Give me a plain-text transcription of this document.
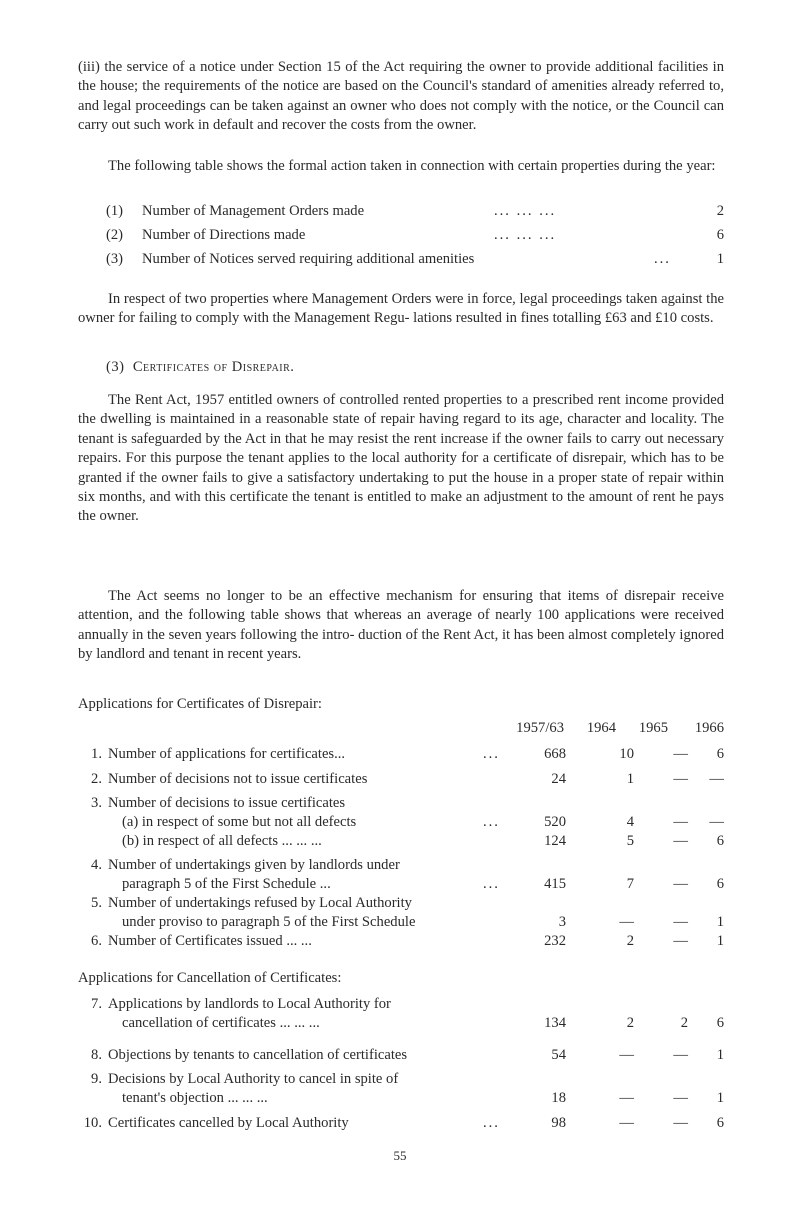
(iii) the service of a notice under Section 15 of the Act requiring the owner to provide additional facilities in the house; the requirements of the notice are based on the Council's standard of amenities already referred to, and legal proceedings can be taken against an owner who does not comply with the notice, or the Council can carry out such work in default and recover the costs from the owner.

The following table shows the formal action taken in connection with certain properties during the year:

(1) Number of Management Orders made	... ... ...	2
(2) Number of Directions made	... ... ...	6
(3) Number of Notices served requiring additional amenities	...	1

In respect of two properties where Management Orders were in force, legal proceedings taken against the owner for failing to comply with the Management Regu- lations resulted in fines totalling £63 and £10 costs.

(3) Certificates of Disrepair.

The Rent Act, 1957 entitled owners of controlled rented properties to a prescribed rent income provided the dwelling is maintained in a reasonable state of repair having regard to its age, character and locality. The tenant is safeguarded by the Act in that he may resist the rent increase if the owner fails to carry out necessary repairs. For this purpose the tenant applies to the local authority for a certificate of disrepair, which has to be granted if the owner fails to give a satisfactory undertaking to put the house in a proper state of repair within six months, and with this certificate the tenant is entitled to make an adjustment to the amount of rent he pays the owner.

The Act seems no longer to be an effective mechanism for ensuring that items of disrepair receive attention, and the following table shows that whereas an average of nearly 100 applications were received annually in the seven years following the intro- duction of the Rent Act, it has been almost completely ignored by landlord and tenant in recent years.

Applications for Certificates of Disrepair:
1957/63	1964	1965	1966
1. Number of applications for certificates...	...	668	10	—	6
2. Number of decisions not to issue certificates	24	1	—	—
3. Number of decisions to issue certificates
(a) in respect of some but not all defects	...	520	4	—	—
(b) in respect of all defects ... ... ...	124	5	—	6
4. Number of undertakings given by landlords under
paragraph 5 of the First Schedule ...	...	415	7	—	6
5. Number of undertakings refused by Local Authority
under proviso to paragraph 5 of the First Schedule	3	—	—	1
6. Number of Certificates issued ... ...	232	2	—	1
Applications for Cancellation of Certificates:
7. Applications by landlords to Local Authority for
cancellation of certificates ... ... ...	134	2	2	6
8. Objections by tenants to cancellation of certificates	54	—	—	1
9. Decisions by Local Authority to cancel in spite of
tenant's objection ... ... ...	18	—	—	1
10. Certificates cancelled by Local Authority	...	98	—	—	6
55
